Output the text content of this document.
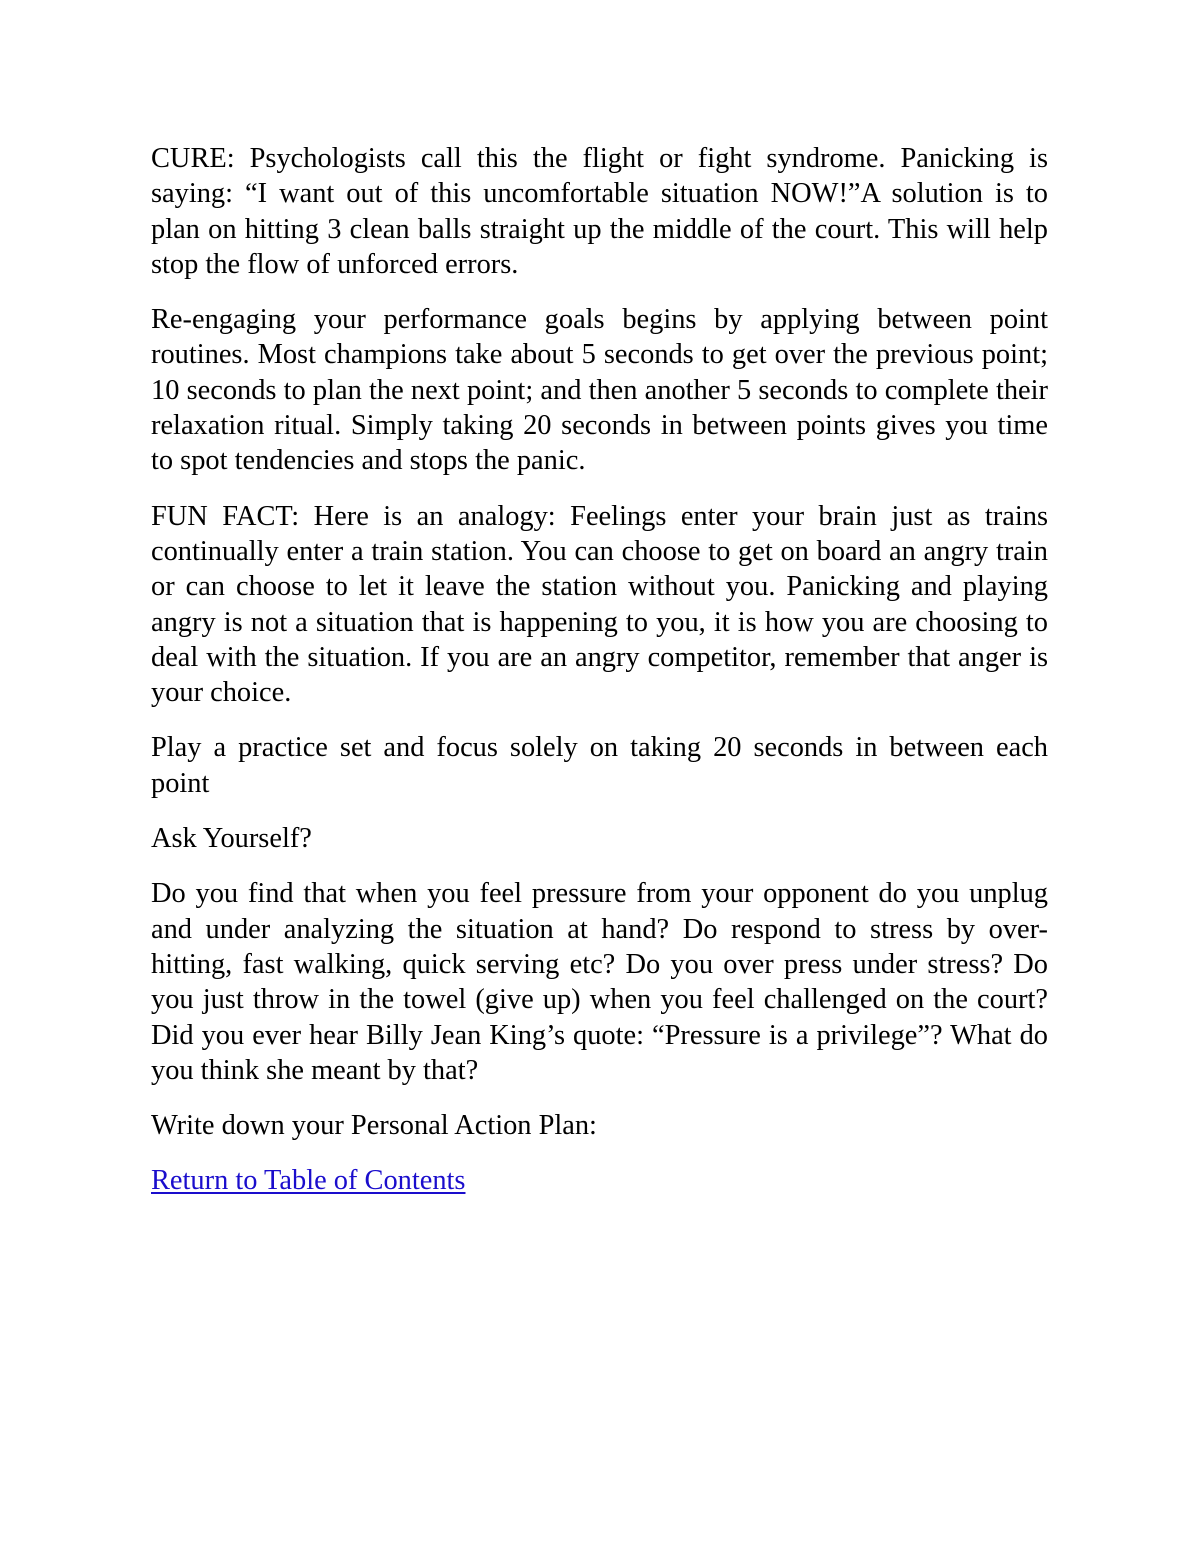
CURE: Psychologists call this the flight or fight syndrome. Panicking is saying: “I want out of this uncomfortable situation NOW!”A solution is to plan on hitting 3 clean balls straight up the middle of the court. This will help stop the flow of unforced errors.

Re-engaging your performance goals begins by applying between point routines. Most champions take about 5 seconds to get over the previous point; 10 seconds to plan the next point; and then another 5 seconds to complete their relaxation ritual. Simply taking 20 seconds in between points gives you time to spot tendencies and stops the panic.

FUN FACT: Here is an analogy: Feelings enter your brain just as trains continually enter a train station. You can choose to get on board an angry train or can choose to let it leave the station without you. Panicking and playing angry is not a situation that is happening to you, it is how you are choosing to deal with the situation. If you are an angry competitor, remember that anger is your choice.

Play a practice set and focus solely on taking 20 seconds in between each point

Ask Yourself?

Do you find that when you feel pressure from your opponent do you unplug and under analyzing the situation at hand? Do respond to stress by over-hitting, fast walking, quick serving etc? Do you over press under stress? Do you just throw in the towel (give up) when you feel challenged on the court? Did you ever hear Billy Jean King’s quote: “Pressure is a privilege”? What do you think she meant by that?

Write down your Personal Action Plan:

Return to Table of Contents
